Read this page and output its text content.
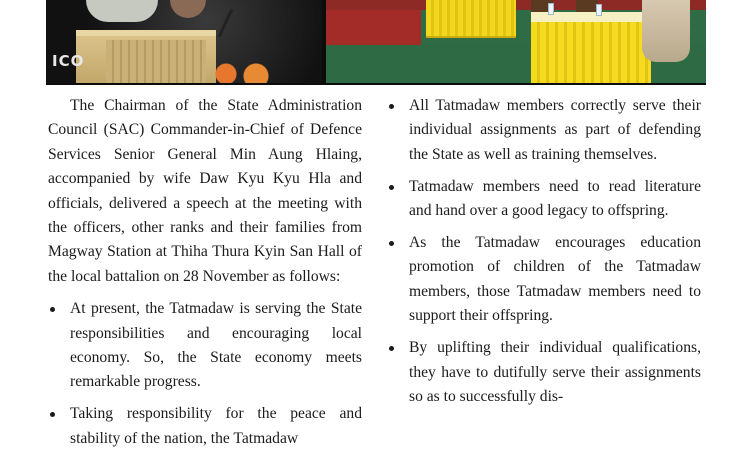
ICO

The Chairman of the State Administration Council (SAC) Commander-in-Chief of Defence Services Senior General Min Aung Hlaing, accompanied by wife Daw Kyu Kyu Hla and officials, delivered a speech at the meeting with the officers, other ranks and their families from Magway Station at Thiha Thura Kyin San Hall of the local battalion on 28 November as follows:

At present, the Tatmadaw is serving the State responsibilities and encouraging local economy. So, the State economy meets remarkable progress.
Taking responsibility for the peace and stability of the nation, the Tatmadaw
All Tatmadaw members correctly serve their individual assignments as part of defending the State as well as training themselves.
Tatmadaw members need to read literature and hand over a good legacy to offspring.
As the Tatmadaw encourages education promotion of children of the Tatmadaw members, those Tatmadaw members need to support their offspring.
By uplifting their individual qualifications, they have to dutifully serve their assignments so as to successfully dis-
